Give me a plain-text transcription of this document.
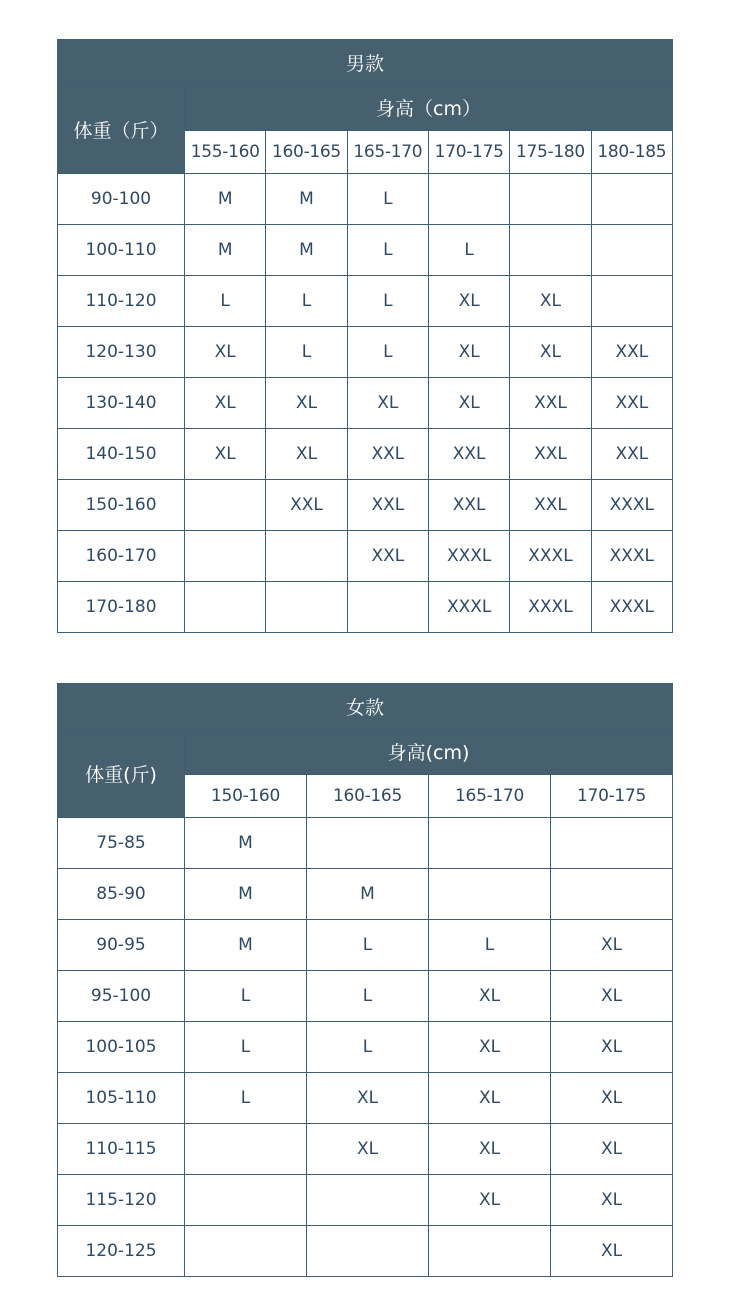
男款						
体重（斤）	身高（cm）					
	155-160	160-165	165-170	170-175	175-180	180-185
90-100	M	M	L			
100-110	M	M	L	L		
110-120	L	L	L	XL	XL	
120-130	XL	L	L	XL	XL	XXL
130-140	XL	XL	XL	XL	XXL	XXL
140-150	XL	XL	XXL	XXL	XXL	XXL
150-160		XXL	XXL	XXL	XXL	XXXL
160-170			XXL	XXXL	XXXL	XXXL
170-180				XXXL	XXXL	XXXL
女款				
体重(斤)	身高(cm)			
	150-160	160-165	165-170	170-175
75-85	M			
85-90	M	M		
90-95	M	L	L	XL
95-100	L	L	XL	XL
100-105	L	L	XL	XL
105-110	L	XL	XL	XL
110-115		XL	XL	XL
115-120			XL	XL
120-125				XL
